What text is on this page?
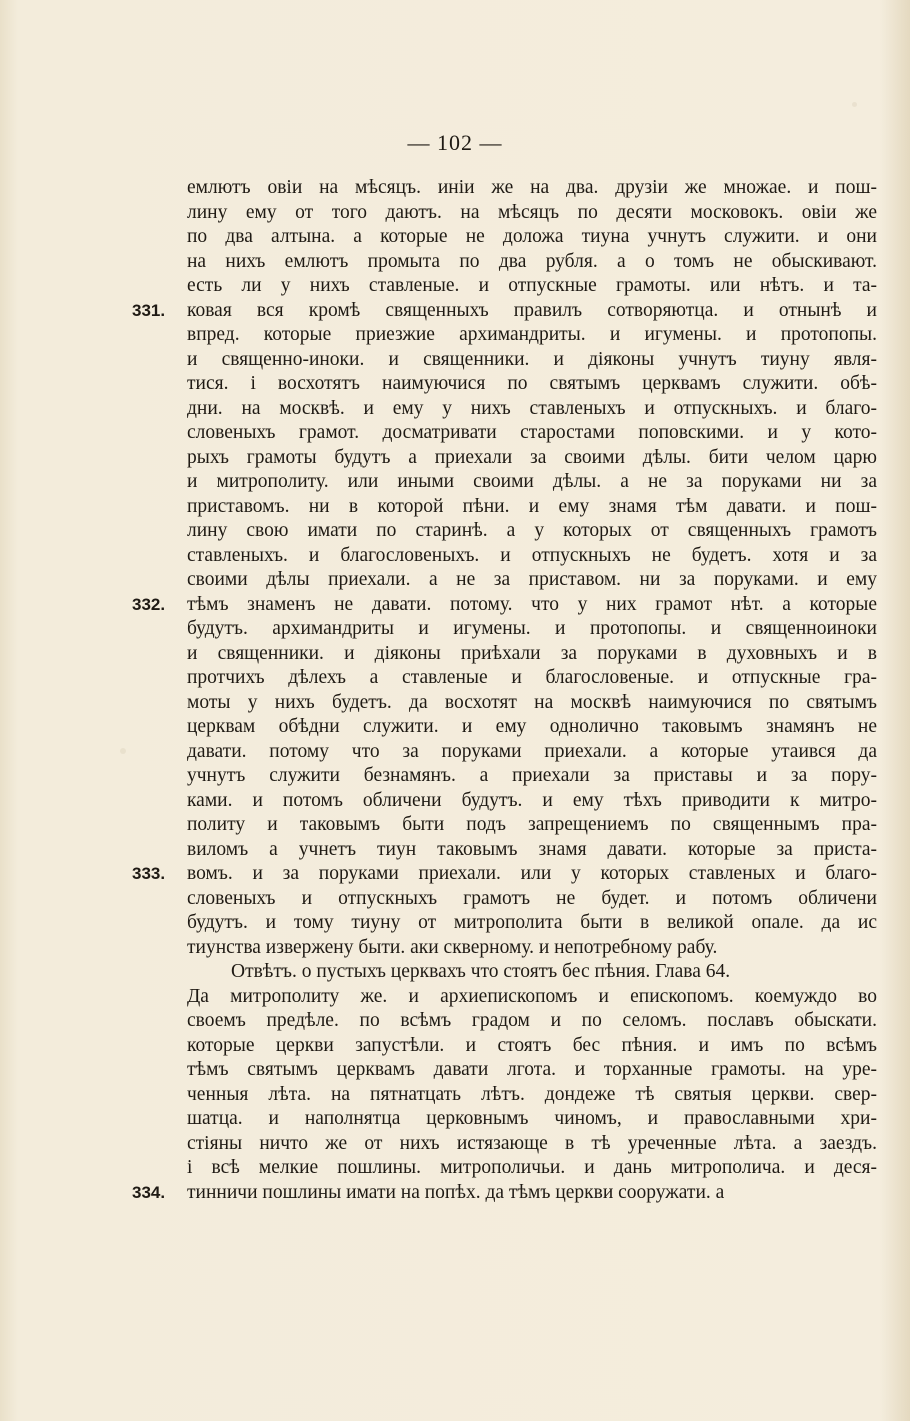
— 102 —
емлютъ овіи на мѣсяцъ. иніи же на два. друзіи же множае. и пош-
лину ему от того даютъ. на мѣсяцъ по десяти московокъ. овіи же
по два алтына. а которые не доложа тиуна учнутъ служити. и они
на нихъ емлютъ промыта по два рубля. а о томъ не обыскивают.
есть ли у нихъ ставленые. и отпускные грамоты. или нѣтъ. и та-
331. ковая вся кромѣ священныхъ правилъ сотворяютца. и отнынѣ и
впред. которые приезжие архимандриты. и игумены. и протопопы.
и священно-иноки. и священники. и діяконы учнутъ тиуну явля-
тися. і восхотятъ наимуючися по святымъ церквамъ служити. обѣ-
дни. на москвѣ. и ему у нихъ ставленыхъ и отпускныхъ. и благо-
словеныхъ грамот. досматривати старостами поповскими. и у кото-
рыхъ грамоты будутъ а приехали за своими дѣлы. бити челом царю
и митрополиту. или иными своими дѣлы. а не за поруками ни за
приставомъ. ни в которой пѣни. и ему знамя тѣм давати. и пош-
лину свою имати по старинѣ. а у которых от священныхъ грамотъ
ставленыхъ. и благословеныхъ. и отпускныхъ не будетъ. хотя и за
своими дѣлы приехали. а не за приставом. ни за поруками. и ему
332. тѣмъ знаменъ не давати. потому. что у них грамот нѣт. а которые
будутъ. архимандриты и игумены. и протопопы. и священноиноки
и священники. и діяконы приѣхали за поруками в духовныхъ и в
протчихъ дѣлехъ а ставленые и благословеные. и отпускные гра-
моты у нихъ будетъ. да восхотят на москвѣ наимуючися по святымъ
церквам обѣдни служити. и ему однолично таковымъ знамянъ не
давати. потому что за поруками приехали. а которые утаився да
учнутъ служити безнамянъ. а приехали за приставы и за пору-
ками. и потомъ обличени будутъ. и ему тѣхъ приводити к митро-
политу и таковымъ быти подъ запрещениемъ по священнымъ пра-
виломъ а учнетъ тиун таковымъ знамя давати. которые за приста-
333. вомъ. и за поруками приехали. или у которых ставленых и благо-
словеныхъ и отпускныхъ грамотъ не будет. и потомъ обличени
будутъ. и тому тиуну от митрополита быти в великой опале. да ис
тиунства изверженy быти. аки скверному. и непотребному рабу.
Отвѣтъ. о пустыхъ церквахъ что стоятъ бес пѣния. Глава 64.
Да митрополиту же. и архиепископомъ и епископомъ. коемуждо во
своемъ предѣле. по всѣмъ градом и по селомъ. пославъ обыскати.
которые церкви запустѣли. и стоятъ бес пѣния. и имъ по всѣмъ
тѣмъ святымъ церквамъ давати лгота. и торханные грамоты. на уре-
ченныя лѣта. на пятнатцать лѣтъ. дондеже тѣ святыя церкви. свер-
шатца. и наполнятца церковнымъ чиномъ, и православными хри-
стіяны ничто же от нихъ истязающе в тѣ уреченные лѣта. а заездъ.
і всѣ мелкие пошлины. митрополичьи. и дань митрополича. и деся-
334. тинничи пошлины имати на попѣх. да тѣмъ церкви сооружати. а
